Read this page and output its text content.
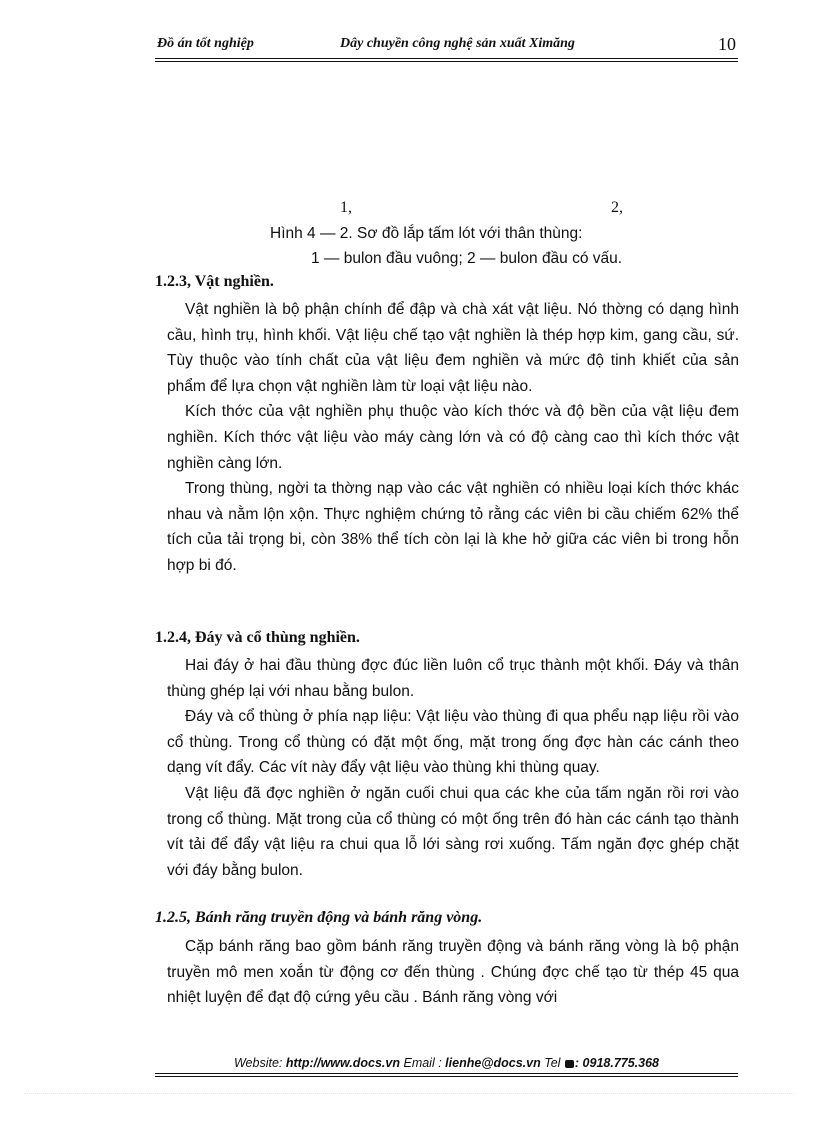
Đồ án tốt nghiệp	Dây chuyền công nghệ sản xuất Ximăng	10
1,	2,
Hình 4 — 2. Sơ đồ lắp tấm lót với thân thùng:
1 — bulon đầu vuông; 2 — bulon đầu có vấu.
1.2.3, Vật nghiền.

Vật nghiền là bộ phận chính để đập và chà xát vật liệu. Nó thờng có dạng hình cầu, hình trụ, hình khối. Vật liệu chế tạo vật nghiền là thép hợp kim, gang cầu, sứ. Tùy thuộc vào tính chất của vật liệu đem nghiền và mức độ tinh khiết của sản phẩm để lựa chọn vật nghiền làm từ loại vật liệu nào.

Kích thớc của vật nghiền phụ thuộc vào kích thớc và độ bền của vật liệu đem nghiền. Kích thớc vật liệu vào máy càng lớn và có độ càng cao thì kích thớc vật nghiền càng lớn.

Trong thùng, ngời ta thờng nạp vào các vật nghiền có nhiều loại kích thớc khác nhau và nằm lộn xộn. Thực nghiệm chứng tỏ rằng các viên bi cầu chiếm 62% thể tích của tải trọng bi, còn 38% thể tích còn lại là khe hở giữa các viên bi trong hỗn hợp bi đó.

1.2.4, Đáy và cổ thùng nghiền.

Hai đáy ở hai đầu thùng đợc đúc liền luôn cổ trục thành một khối. Đáy và thân thùng ghép lại với nhau bằng bulon.

Đáy và cổ thùng ở phía nạp liệu: Vật liệu vào thùng đi qua phểu nạp liệu rồi vào cổ thùng. Trong cổ thùng có đặt một ống, mặt trong ống đợc hàn các cánh theo dạng vít đẩy. Các vít này đẩy vật liệu vào thùng khi thùng quay.

Vật liệu đã đợc nghiền ở ngăn cuối chui qua các khe của tấm ngăn rồi rơi vào trong cổ thùng. Mặt trong của cổ thùng có một ống trên đó hàn các cánh tạo thành vít tải để đẩy vật liệu ra chui qua lỗ lới sàng rơi xuống. Tấm ngăn đợc ghép chặt với đáy bằng bulon.

1.2.5, Bánh răng truyền động và bánh răng vòng.

Cặp bánh răng bao gồm bánh răng truyền động và bánh răng vòng là bộ phận truyền mô men xoắn từ động cơ đến thùng . Chúng đợc chế tạo từ thép 45 qua nhiệt luyện để đạt độ cứng yêu cầu . Bánh răng vòng với

Website: http://www.docs.vn Email : lienhe@docs.vn Tel : 0918.775.368
